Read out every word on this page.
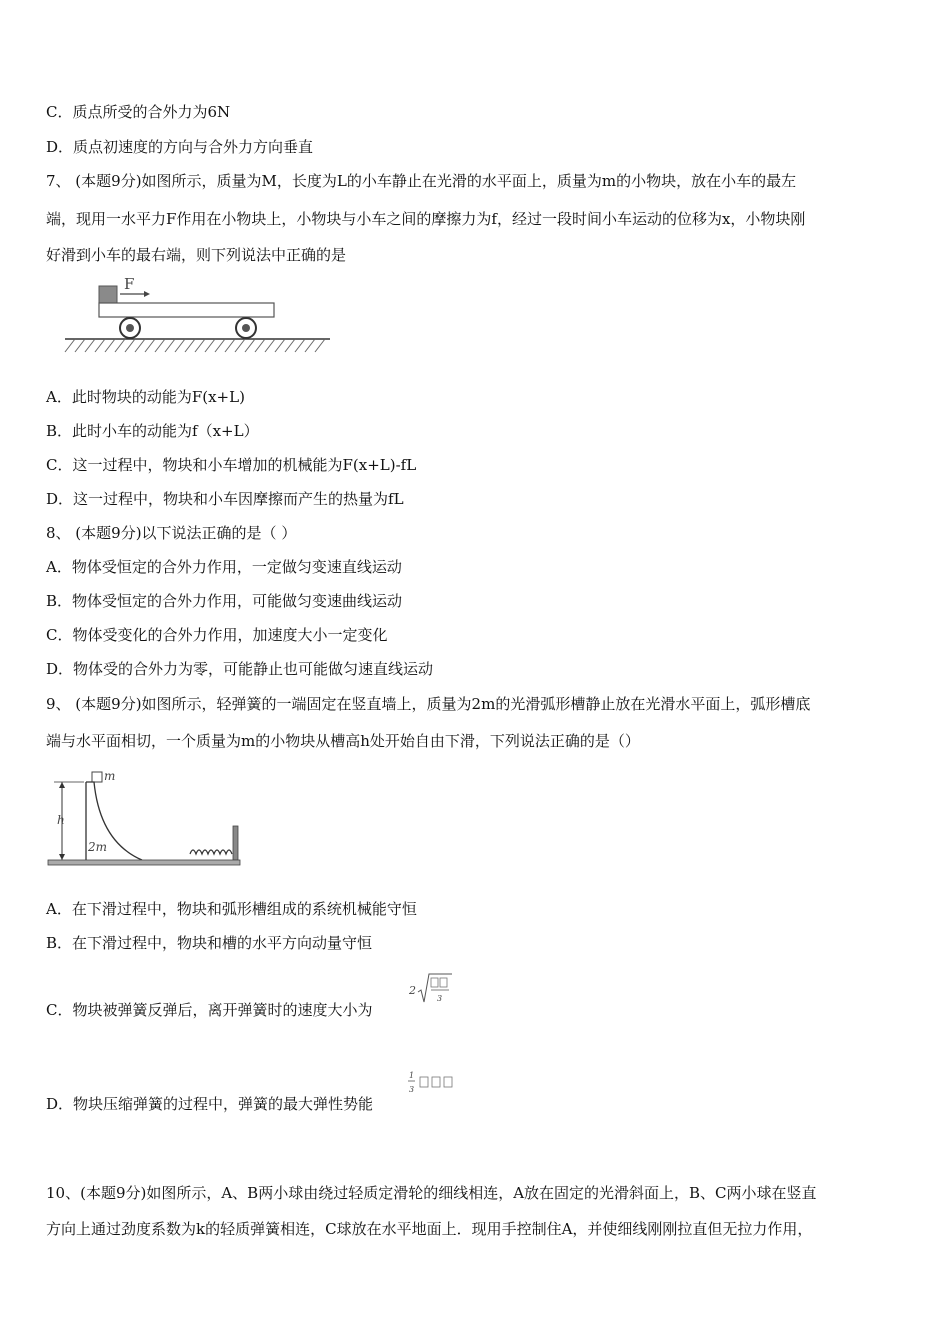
C．质点所受的合外力为6N
D．质点初速度的方向与合外力方向垂直
7、 (本题9分)如图所示，质量为M，长度为L的小车静止在光滑的水平面上，质量为m的小物块，放在小车的最左
端，现用一水平力F作用在小物块上，小物块与小车之间的摩擦力为f，经过一段时间小车运动的位移为x，小物块刚
好滑到小车的最右端，则下列说法中正确的是
F
A．此时物块的动能为F(x+L)
B．此时小车的动能为f（x+L）
C．这一过程中，物块和小车增加的机械能为F(x+L)-fL
D．这一过程中，物块和小车因摩擦而产生的热量为fL
8、 (本题9分)以下说法正确的是（ ）
A．物体受恒定的合外力作用，一定做匀变速直线运动
B．物体受恒定的合外力作用，可能做匀变速曲线运动
C．物体受变化的合外力作用，加速度大小一定变化
D．物体受的合外力为零，可能静止也可能做匀速直线运动
9、 (本题9分)如图所示，轻弹簧的一端固定在竖直墙上，质量为2m的光滑弧形槽静止放在光滑水平面上，弧形槽底
端与水平面相切，一个质量为m的小物块从槽高h处开始自由下滑，下列说法正确的是（）
m
h
2m
A．在下滑过程中，物块和弧形槽组成的系统机械能守恒
B．在下滑过程中，物块和槽的水平方向动量守恒
C．物块被弹簧反弹后，离开弹簧时的速度大小为
2
3
D．物块压缩弹簧的过程中，弹簧的最大弹性势能
1
3
10、(本题9分)如图所示，A、B两小球由绕过轻质定滑轮的细线相连，A放在固定的光滑斜面上，B、C两小球在竖直
方向上通过劲度系数为k的轻质弹簧相连，C球放在水平地面上．现用手控制住A，并使细线刚刚拉直但无拉力作用，
